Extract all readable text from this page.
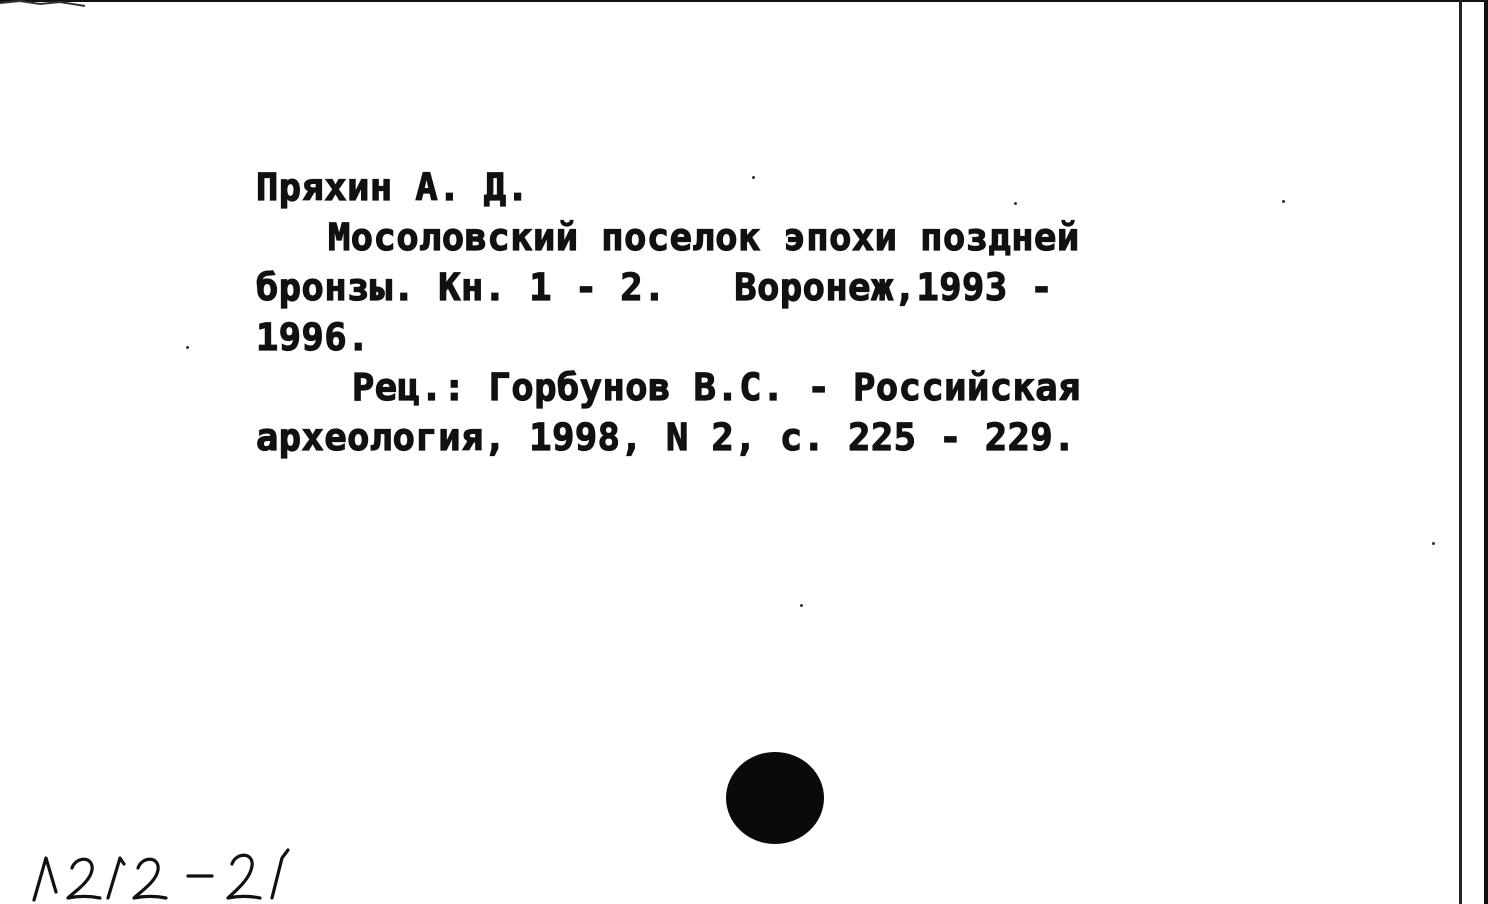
Пряхин А. Д.
Мосоловский поселок эпохи поздней
бронзы. Кн. 1 - 2.   Воронеж,1993 -
1996.
Рец.: Горбунов В.С. - Российская
археология, 1998, N 2, с. 225 - 229.
